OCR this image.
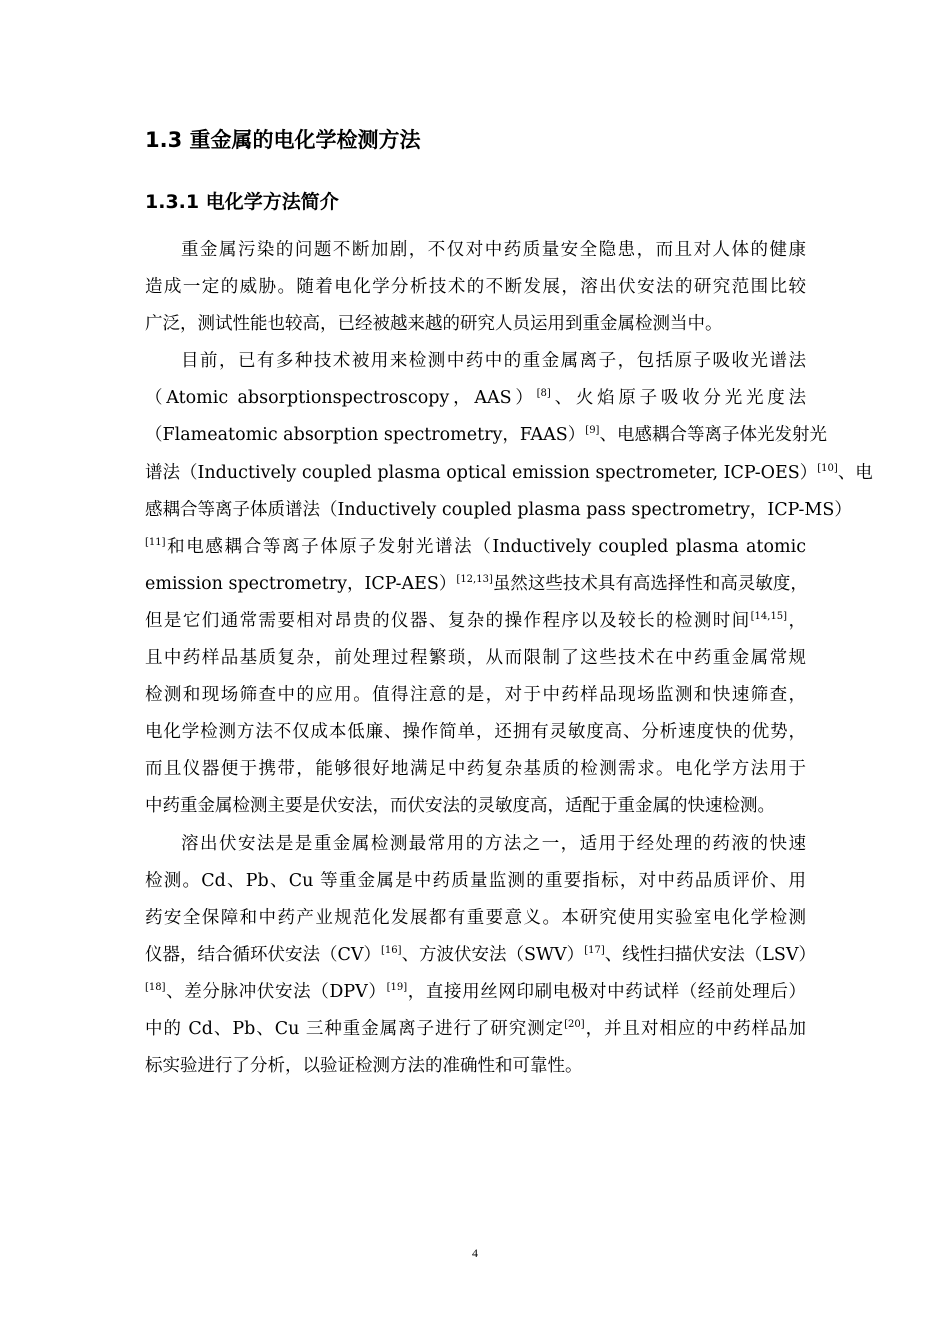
1.3 重金属的电化学检测方法
1.3.1 电化学方法简介
重金属污染的问题不断加剧，不仅对中药质量安全隐患，而且对人体的健康
造成一定的威胁。随着电化学分析技术的不断发展，溶出伏安法的研究范围比较
广泛，测试性能也较高，已经被越来越的研究人员运用到重金属检测当中。
目前，已有多种技术被用来检测中药中的重金属离子，包括原子吸收光谱法
（Atomic absorptionspectroscopy，AAS）[8]、火焰原子吸收分光光度法
（Flameatomic absorption spectrometry，FAAS）[9]、电感耦合等离子体光发射光
谱法（Inductively coupled plasma optical emission spectrometer, ICP-OES）[10]、电
感耦合等离子体质谱法（Inductively coupled plasma pass spectrometry，ICP-MS）
[11]和电感耦合等离子体原子发射光谱法（Inductively coupled plasma atomic
emission spectrometry，ICP-AES）[12,13]虽然这些技术具有高选择性和高灵敏度，
但是它们通常需要相对昂贵的仪器、复杂的操作程序以及较长的检测时间[14,15]，
且中药样品基质复杂，前处理过程繁琐，从而限制了这些技术在中药重金属常规
检测和现场筛查中的应用。值得注意的是，对于中药样品现场监测和快速筛查，
电化学检测方法不仅成本低廉、操作简单，还拥有灵敏度高、分析速度快的优势，
而且仪器便于携带，能够很好地满足中药复杂基质的检测需求。电化学方法用于
中药重金属检测主要是伏安法，而伏安法的灵敏度高，适配于重金属的快速检测。
溶出伏安法是是重金属检测最常用的方法之一，适用于经处理的药液的快速
检测。Cd、Pb、Cu 等重金属是中药质量监测的重要指标，对中药品质评价、用
药安全保障和中药产业规范化发展都有重要意义。本研究使用实验室电化学检测
仪器，结合循环伏安法（CV）[16]、方波伏安法（SWV）[17]、线性扫描伏安法（LSV）
[18]、差分脉冲伏安法（DPV）[19]，直接用丝网印刷电极对中药试样（经前处理后）
中的 Cd、Pb、Cu 三种重金属离子进行了研究测定[20]，并且对相应的中药样品加
标实验进行了分析，以验证检测方法的准确性和可靠性。
4
